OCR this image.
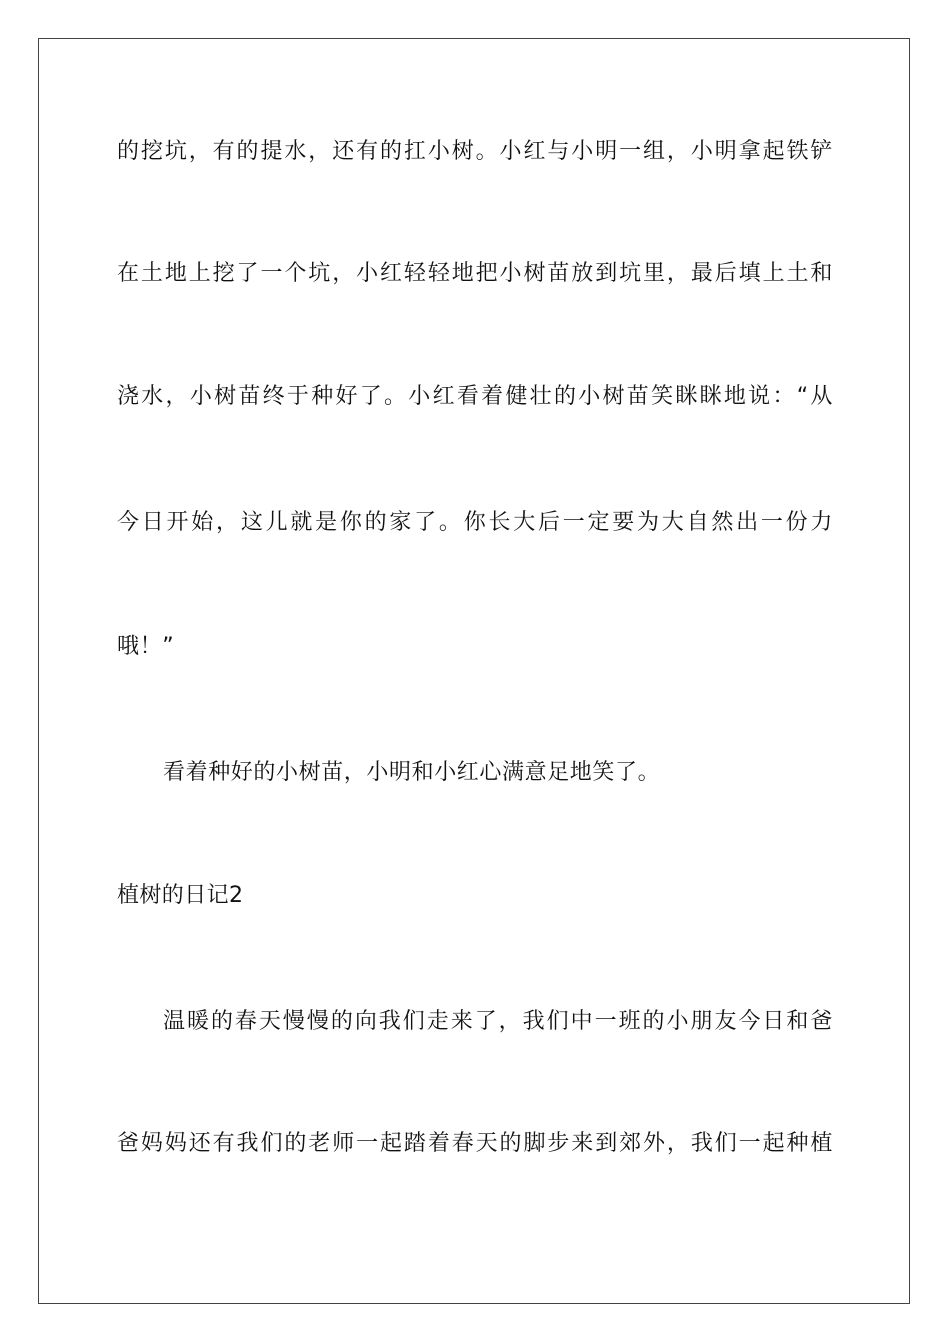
的挖坑，有的提水，还有的扛小树。小红与小明一组，小明拿起铁铲
在土地上挖了一个坑，小红轻轻地把小树苗放到坑里，最后填上土和
浇水，小树苗终于种好了。小红看着健壮的小树苗笑眯眯地说：“从
今日开始，这儿就是你的家了。你长大后一定要为大自然出一份力
哦！”
看着种好的小树苗，小明和小红心满意足地笑了。
植树的日记2
温暖的春天慢慢的向我们走来了，我们中一班的小朋友今日和爸
爸妈妈还有我们的老师一起踏着春天的脚步来到郊外，我们一起种植
